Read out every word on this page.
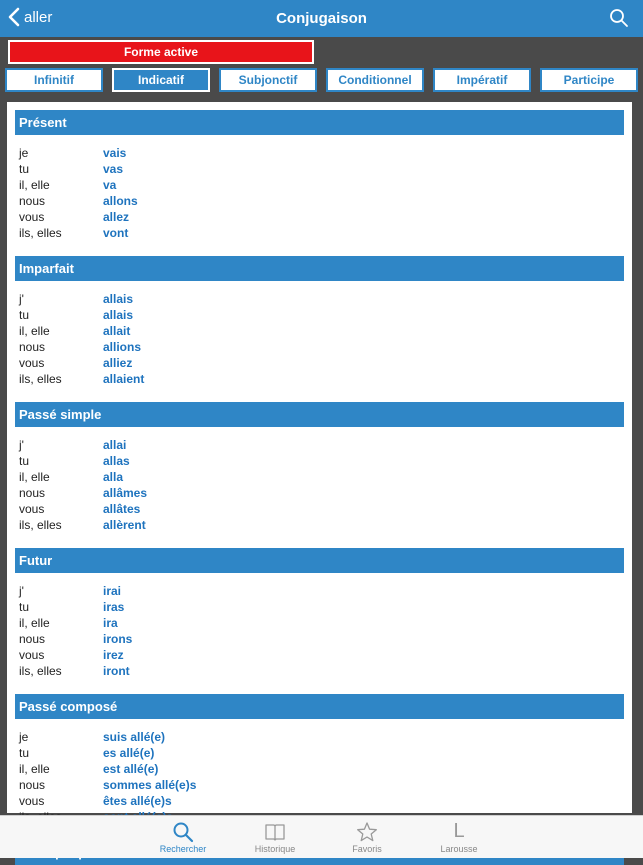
aller	Conjugaison
Forme active
Infinitif	Indicatif	Subjonctif	Conditionnel	Impératif	Participe
Présent
je	vais
tu	vas
il, elle	va
nous	allons
vous	allez
ils, elles	vont
Imparfait
j'	allais
tu	allais
il, elle	allait
nous	allions
vous	alliez
ils, elles	allaient
Passé simple
j'	allai
tu	allas
il, elle	alla
nous	allâmes
vous	allâtes
ils, elles	allèrent
Futur
j'	irai
tu	iras
il, elle	ira
nous	irons
vous	irez
ils, elles	iront
Passé composé
je	suis allé(e)
tu	es allé(e)
il, elle	est allé(e)
nous	sommes allé(e)s
vous	êtes allé(e)s
Rechercher	Historique	Favoris
L
Larousse
